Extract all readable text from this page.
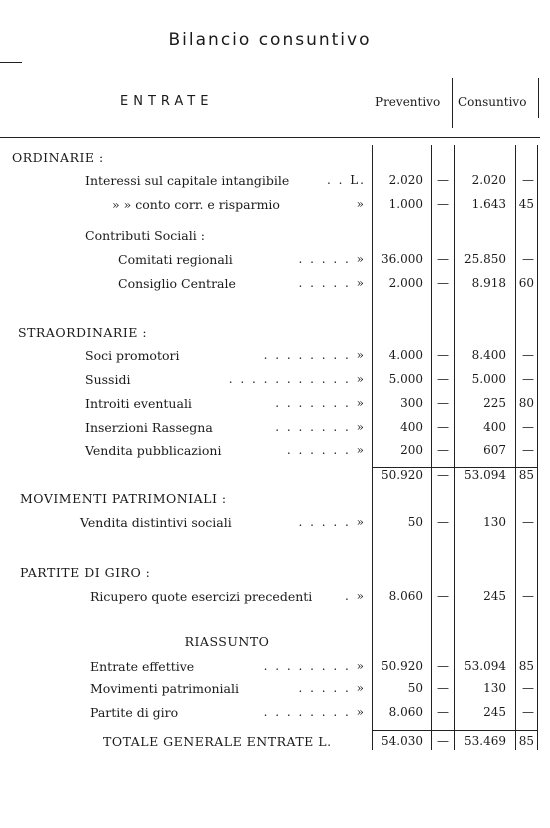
Bilancio consuntivo
ENTRATE	Preventivo Consuntivo
ORDINARIE :
Interessi sul capitale intangibile	. . L. 2.020 — 2.020 —
» » conto corr. e risparmio	» 1.000 — 1.643 45
Contributi Sociali :
Comitati regionali	. . . . . » 36.000 — 25.850 —
Consiglio Centrale	. . . . . » 2.000 — 8.918 60
STRAORDINARIE :
Soci promotori	. . . . . . . . » 4.000 — 8.400 —
Sussidi	. . . . . . . . . . . » 5.000 — 5.000 —
Introiti eventuali	. . . . . . . »	300 —	225 80
Inserzioni Rassegna	. . . . . . . »	400 —	400 —
Vendita pubblicazioni	. . . . . . »	200 —	607 —
50.920 — 53.094 85
MOVIMENTI PATRIMONIALI :
Vendita distintivi sociali	. . . . . »	50 —	130 —
PARTITE DI GIRO :
Ricupero quote esercizi precedenti	. » 8.060 —	245 —
RIASSUNTO
Entrate effettive	. . . . . . . . » 50.920 — 53.094 85
Movimenti patrimoniali	. . . . . »	50 —	130 —
Partite di giro	. . . . . . . . » 8.060 —	245 —
TOTALE GENERALE ENTRATE L.	54.030 — 53.469 85
